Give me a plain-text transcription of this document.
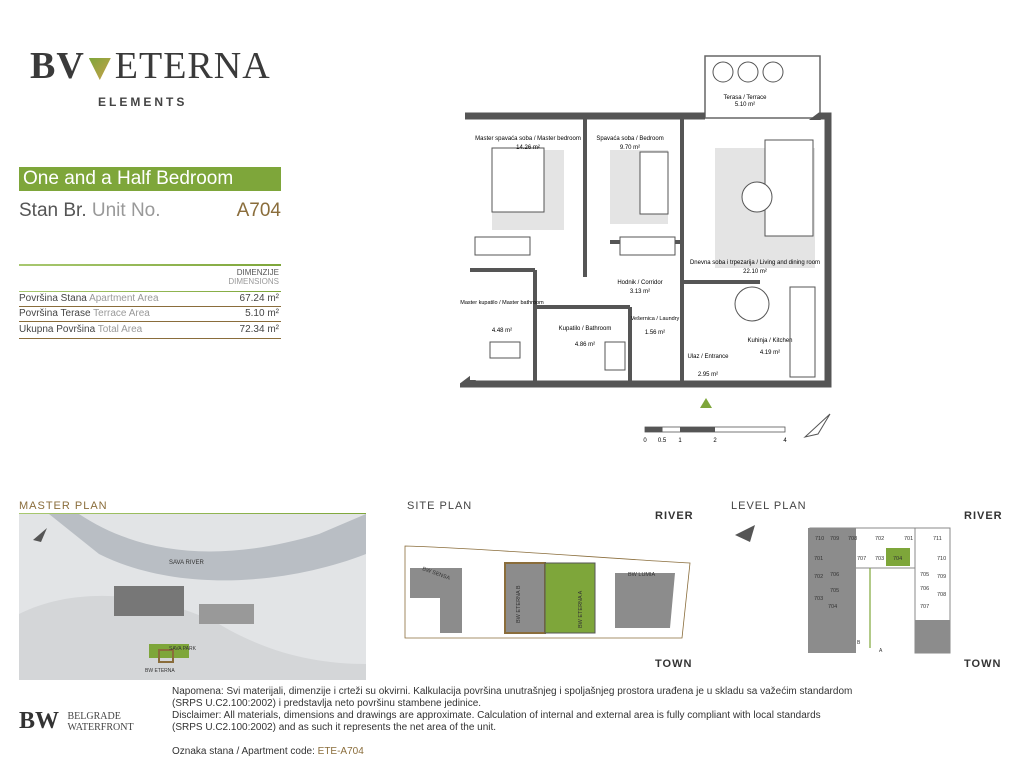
BV ETERNA
ELEMENTS
One and a Half Bedroom
Stan Br. Unit No.	A704
DIMENZIJE
DIMENSIONS
Površina Stana Apartment Area	67.24 m²
Površina Terase Terrace Area	5.10 m²
Ukupna Površina Total Area	72.34 m²
Terasa / Terrace
5.10 m²
Master spavaća soba / Master bedroom
14.26 m²
Spavaća soba / Bedroom
9.70 m²
Dnevna soba i trpezarija / Living and dining room
22.10 m²
Hodnik / Corridor
3.13 m²
Master kupatilo / Master bathroom
4.48 m²	Kupatilo / Bathroom
4.86 m²
Vešernica / Laundry
1.56 m²
Kuhinja / Kitchen
4.19 m²
Ulaz / Entrance
2.95 m²
0 0.5 1	2	4
MASTER PLAN
SAVA RIVER
SAVA PARK
BW ETERNA
SITE PLAN
RIVER
BW SENSA
BW ETERNA B	BW ETERNA A
BW LUMIA
TOWN
LEVEL PLAN
RIVER
710 709 708	702	701	711
707 703 704
701
702
703
704
706
705
710
709
708
707
705
706
B
A
TOWN
BW BELGRADE
WATERFRONT
Napomena: Svi materijali, dimenzije i crteži su okvirni. Kalkulacija površina unutrašnjeg i spoljašnjeg prostora urađena je u skladu sa važećim standardom
(SRPS U.C2.100:2002) i predstavlja neto površinu stambene jedinice.
Disclaimer: All materials, dimensions and drawings are approximate. Calculation of internal and external area is fully compliant with local standards
(SRPS U.C2.100:2002) and as such it represents the net area of the unit.
Oznaka stana / Apartment code: ETE-A704
